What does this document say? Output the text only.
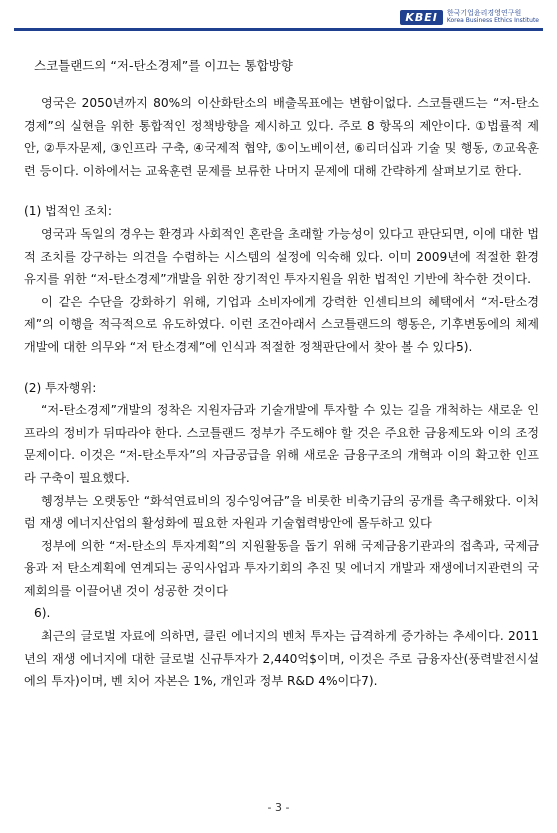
KBEI	한국기업윤리경영연구원
Korea Business Ethics Institute
스코틀랜드의 “저-탄소경제”를 이끄는 통합방향

영국은 2050년까지 80%의 이산화탄소의 배출목표에는 변함이없다. 스코틀랜드는 “저-탄소경제”의 실현을 위한 통합적인 정책방향을 제시하고 있다. 주로 8 항목의 제안이다. ①법률적 제안, ②투자문제, ③인프라 구축, ④국제적 협약, ⑤이노베이션, ⑥리더십과 기술 및 행동, ⑦교육훈련 등이다. 이하에서는 교육훈련 문제를 보류한 나머지 문제에 대해 간략하게 살펴보기로 한다.

(1) 법적인 조치:

영국과 독일의 경우는 환경과 사회적인 혼란을 초래할 가능성이 있다고 판단되면, 이에 대한 법적 조치를 강구하는 의견을 수렴하는 시스템의 설정에 익숙해 있다. 이미 2009년에 적절한 환경유지를 위한 “저-탄소경제”개발을 위한 장기적인 투자지원을 위한 법적인 기반에 착수한 것이다.

이 같은 수단을 강화하기 위해, 기업과 소비자에게 강력한 인센티브의 혜택에서 “저-탄소경제”의 이행을 적극적으로 유도하였다. 이런 조건아래서 스코틀랜드의 행동은, 기후변동에의 체제개발에 대한 의무와 “저 탄소경제”에 인식과 적절한 정책판단에서 찾아 볼 수 있다5).

(2) 투자행위:

“저-탄소경제”개발의 정착은 지원자금과 기술개발에 투자할 수 있는 길을 개척하는 새로운 인프라의 정비가 뒤따라야 한다. 스코틀랜드 정부가 주도해야 할 것은 주요한 금융제도와 이의 조정문제이다. 이것은 “저-탄소투자”의 자금공급을 위해 새로운 금융구조의 개혁과 이의 확고한 인프라 구축이 필요했다.

헹정부는 오랫동안 “화석연료비의 징수잉여금”을 비롯한 비축기금의 공개를 촉구해왔다. 이처럼 재생 에너지산업의 활성화에 필요한 자원과 기술협력방안에 몰두하고 있다

정부에 의한 “저-탄소의 투자계획”의 지원활동을 돕기 위해 국제금융기관과의 접촉과, 국제금융과 저 탄소계획에 연계되는 공익사업과 투자기회의 추진 및 에너지 개발과 재생에너지관련의 국제회의를 이끌어낸 것이 성공한 것이다

6).

최근의 글로벌 자료에 의하면, 클린 에너지의 벤처 투자는 급격하게 증가하는 추세이다. 2011년의 재생 에너지에 대한 글로벌 신규투자가 2,440억$이며, 이것은 주로 금융자산(풍력발전시설에의 투자)이며, 벤 치어 자본은 1%, 개인과 정부 R&D 4%이다7).

- 3 -
